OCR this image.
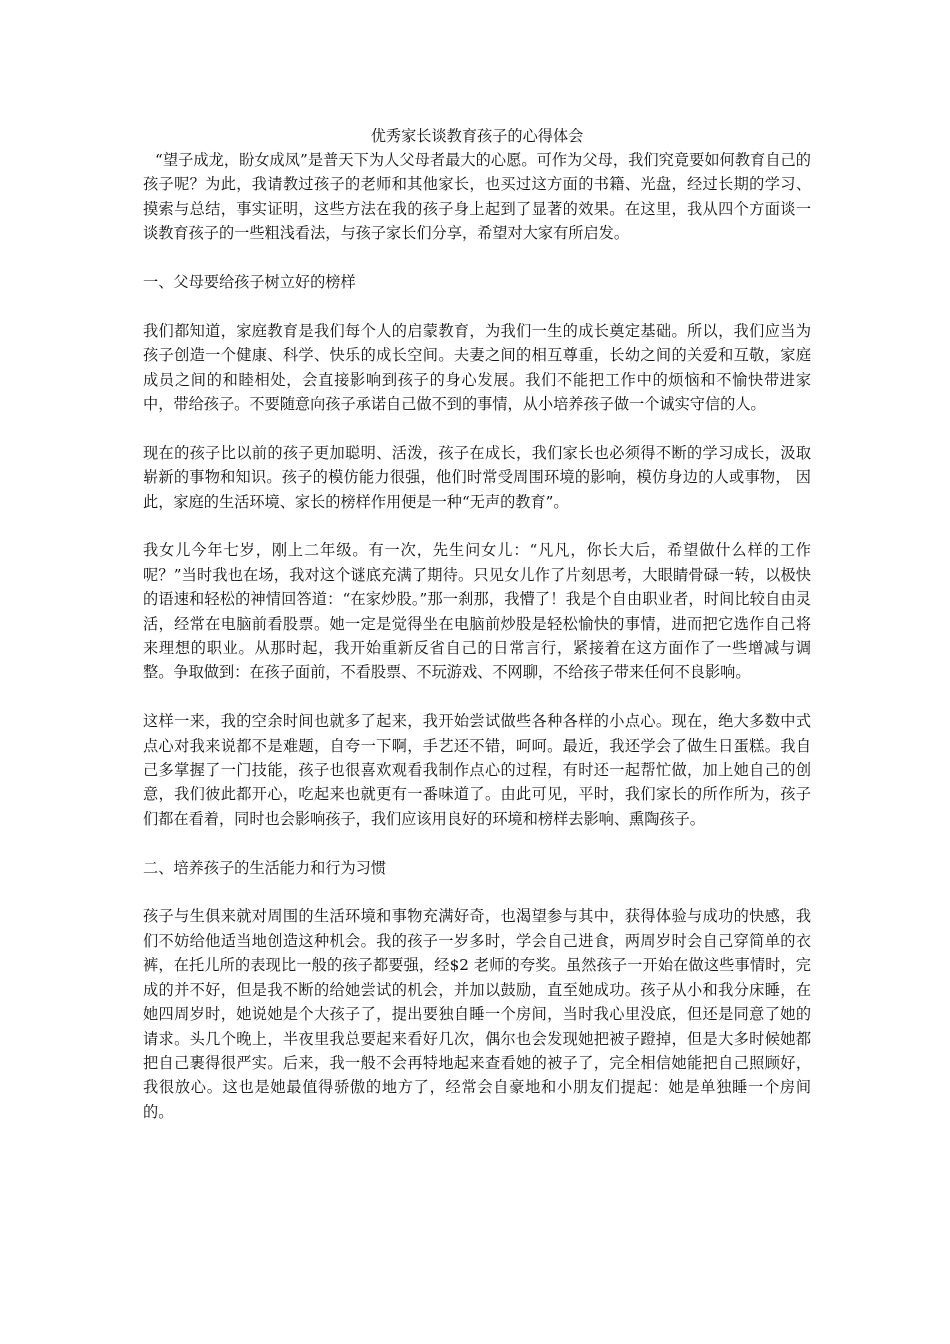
优秀家长谈教育孩子的心得体会

“望子成龙，盼女成凤”是普天下为人父母者最大的心愿。可作为父母，我们究竟要如何教育自己的孩子呢？为此，我请教过孩子的老师和其他家长，也买过这方面的书籍、光盘，经过长期的学习、摸索与总结，事实证明，这些方法在我的孩子身上起到了显著的效果。在这里，我从四个方面谈一谈教育孩子的一些粗浅看法，与孩子家长们分享，希望对大家有所启发。

一、父母要给孩子树立好的榜样

我们都知道，家庭教育是我们每个人的启蒙教育，为我们一生的成长奠定基础。所以，我们应当为孩子创造一个健康、科学、快乐的成长空间。夫妻之间的相互尊重，长幼之间的关爱和互敬，家庭成员之间的和睦相处，会直接影响到孩子的身心发展。我们不能把工作中的烦恼和不愉快带进家中，带给孩子。不要随意向孩子承诺自己做不到的事情，从小培养孩子做一个诚实守信的人。

现在的孩子比以前的孩子更加聪明、活泼，孩子在成长，我们家长也必须得不断的学习成长，汲取崭新的事物和知识。孩子的模仿能力很强，他们时常受周围环境的影响，模仿身边的人或事物， 因此，家庭的生活环境、家长的榜样作用便是一种“无声的教育”。

我女儿今年七岁，刚上二年级。有一次，先生问女儿：“凡凡，你长大后，希望做什么样的工作呢？”当时我也在场，我对这个谜底充满了期待。只见女儿作了片刻思考，大眼睛骨碌一转，以极快的语速和轻松的神情回答道：“在家炒股。”那一刹那，我懵了！我是个自由职业者，时间比较自由灵活，经常在电脑前看股票。她一定是觉得坐在电脑前炒股是轻松愉快的事情，进而把它选作自己将来理想的职业。从那时起，我开始重新反省自己的日常言行，紧接着在这方面作了一些增减与调整。争取做到：在孩子面前，不看股票、不玩游戏、不网聊，不给孩子带来任何不良影响。

这样一来，我的空余时间也就多了起来，我开始尝试做些各种各样的小点心。现在，绝大多数中式点心对我来说都不是难题，自夸一下啊，手艺还不错，呵呵。最近，我还学会了做生日蛋糕。我自己多掌握了一门技能，孩子也很喜欢观看我制作点心的过程，有时还一起帮忙做，加上她自己的创意，我们彼此都开心，吃起来也就更有一番味道了。由此可见，平时，我们家长的所作所为，孩子们都在看着，同时也会影响孩子，我们应该用良好的环境和榜样去影响、熏陶孩子。

二、培养孩子的生活能力和行为习惯

孩子与生俱来就对周围的生活环境和事物充满好奇，也渴望参与其中，获得体验与成功的快感，我们不妨给他适当地创造这种机会。我的孩子一岁多时，学会自己进食，两周岁时会自己穿简单的衣裤，在托儿所的表现比一般的孩子都要强，经$2 老师的夸奖。虽然孩子一开始在做这些事情时，完成的并不好，但是我不断的给她尝试的机会，并加以鼓励，直至她成功。孩子从小和我分床睡，在她四周岁时，她说她是个大孩子了，提出要独自睡一个房间，当时我心里没底，但还是同意了她的请求。头几个晚上，半夜里我总要起来看好几次，偶尔也会发现她把被子蹬掉，但是大多时候她都把自己裹得很严实。后来，我一般不会再特地起来查看她的被子了，完全相信她能把自己照顾好，我很放心。这也是她最值得骄傲的地方了，经常会自豪地和小朋友们提起：她是单独睡一个房间的。
